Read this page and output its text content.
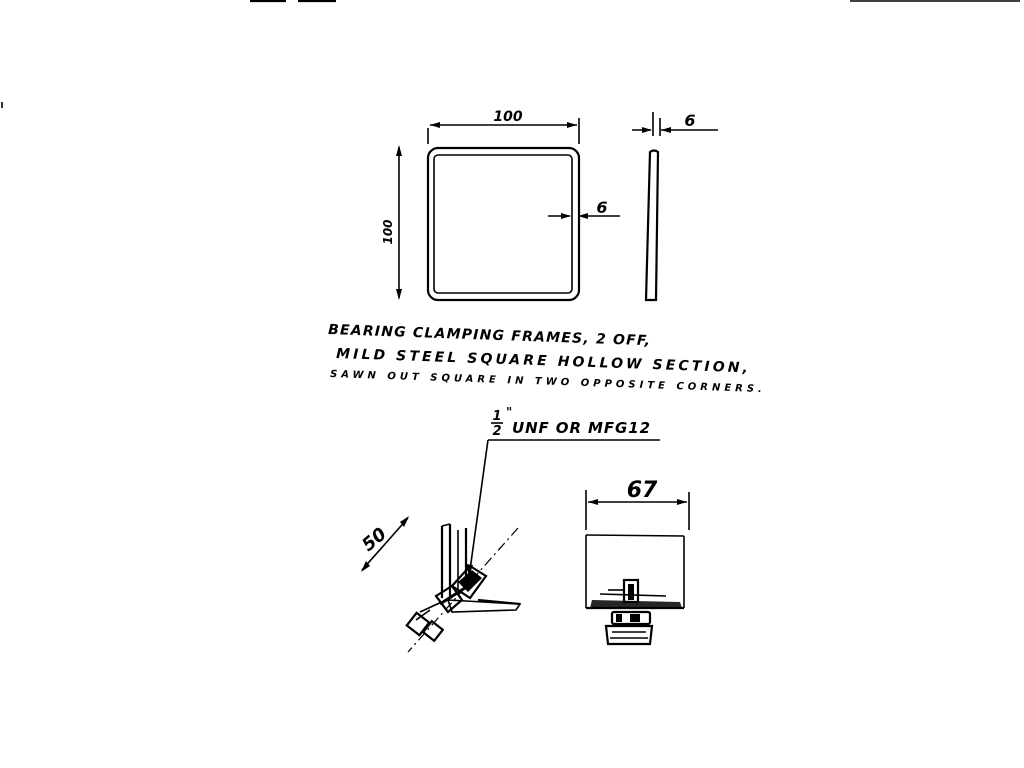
100
100
6
6
BEARING CLAMPING FRAMES, 2 OFF,
MILD STEEL SQUARE HOLLOW SECTION,
SAWN OUT SQUARE IN TWO OPPOSITE CORNERS.
1
2
"
UNF OR MFG12
50
67
